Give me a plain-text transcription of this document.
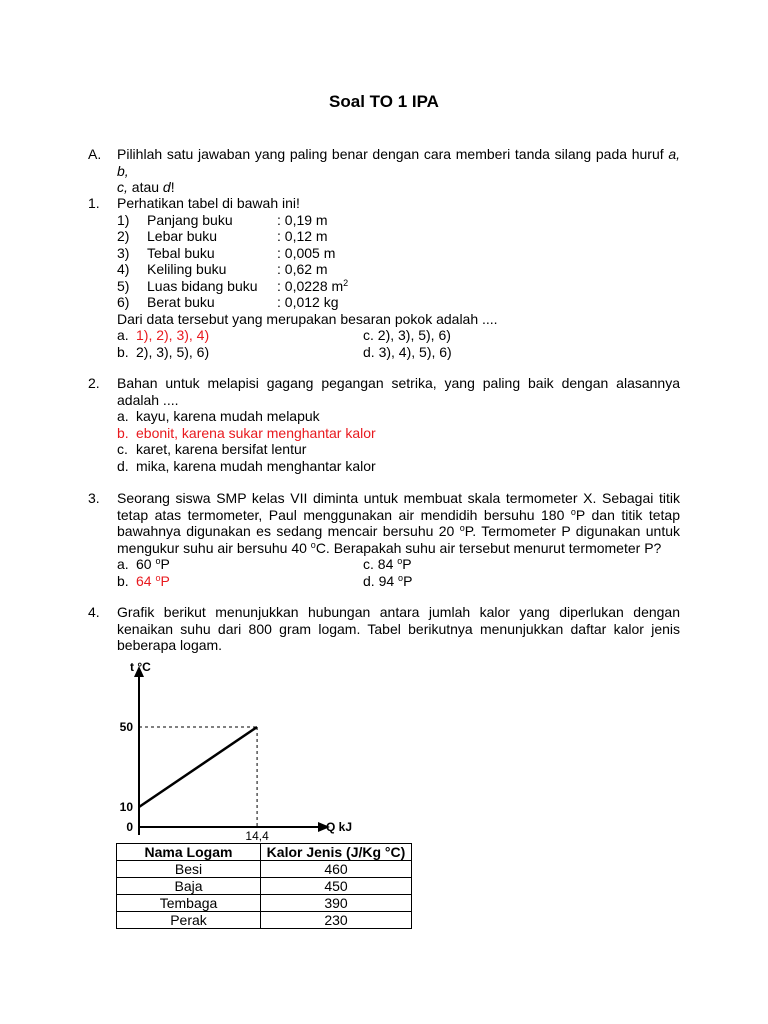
Soal TO 1 IPA
A. Pilihlah satu jawaban yang paling benar dengan cara memberi tanda silang pada huruf a, b,
c, atau d!
1. Perhatikan tabel di bawah ini!
1)	Panjang buku	: 0,19 m
2)	Lebar buku	: 0,12 m
3)	Tebal buku	: 0,005 m
4)	Keliling buku	: 0,62 m
5)	Luas bidang buku	: 0,0228 $m^2$
6)	Berat buku	: 0,012 kg
Dari data tersebut yang merupakan besaran pokok adalah ....
a. 1), 2), 3), 4)	c. 2), 3), 5), 6)
b. 2), 3), 5), 6)	d. 3), 4), 5), 6)
2. Bahan untuk melapisi gagang pegangan setrika, yang paling baik dengan alasannya adalah ....
a. kayu, karena mudah melapuk
b. ebonit, karena sukar menghantar kalor
c. karet, karena bersifat lentur
d. mika, karena mudah menghantar kalor
3. Seorang siswa SMP kelas VII diminta untuk membuat skala termometer X. Sebagai titik tetap atas termometer, Paul menggunakan air mendidih bersuhu 180 $^o$P dan titik tetap bawahnya digunakan es sedang mencair bersuhu 20 $^o$P. Termometer P digunakan untuk mengukur suhu air bersuhu 40 $^o$C. Berapakah suhu air tersebut menurut termometer P?
a. 60 $^o$P	c. 84 $^o$P
b. 64 $^o$P	d. 94 $^o$P
4. Grafik berikut menunjukkan hubungan antara jumlah kalor yang diperlukan dengan kenaikan suhu dari 800 gram logam. Tabel berikutnya menunjukkan daftar kalor jenis beberapa logam.
0
10
50
14,4
t °C
Q kJ
Nama Logam	Kalor Jenis (J/Kg °C)
Besi	460
Baja	450
Tembaga	390
Perak	230
